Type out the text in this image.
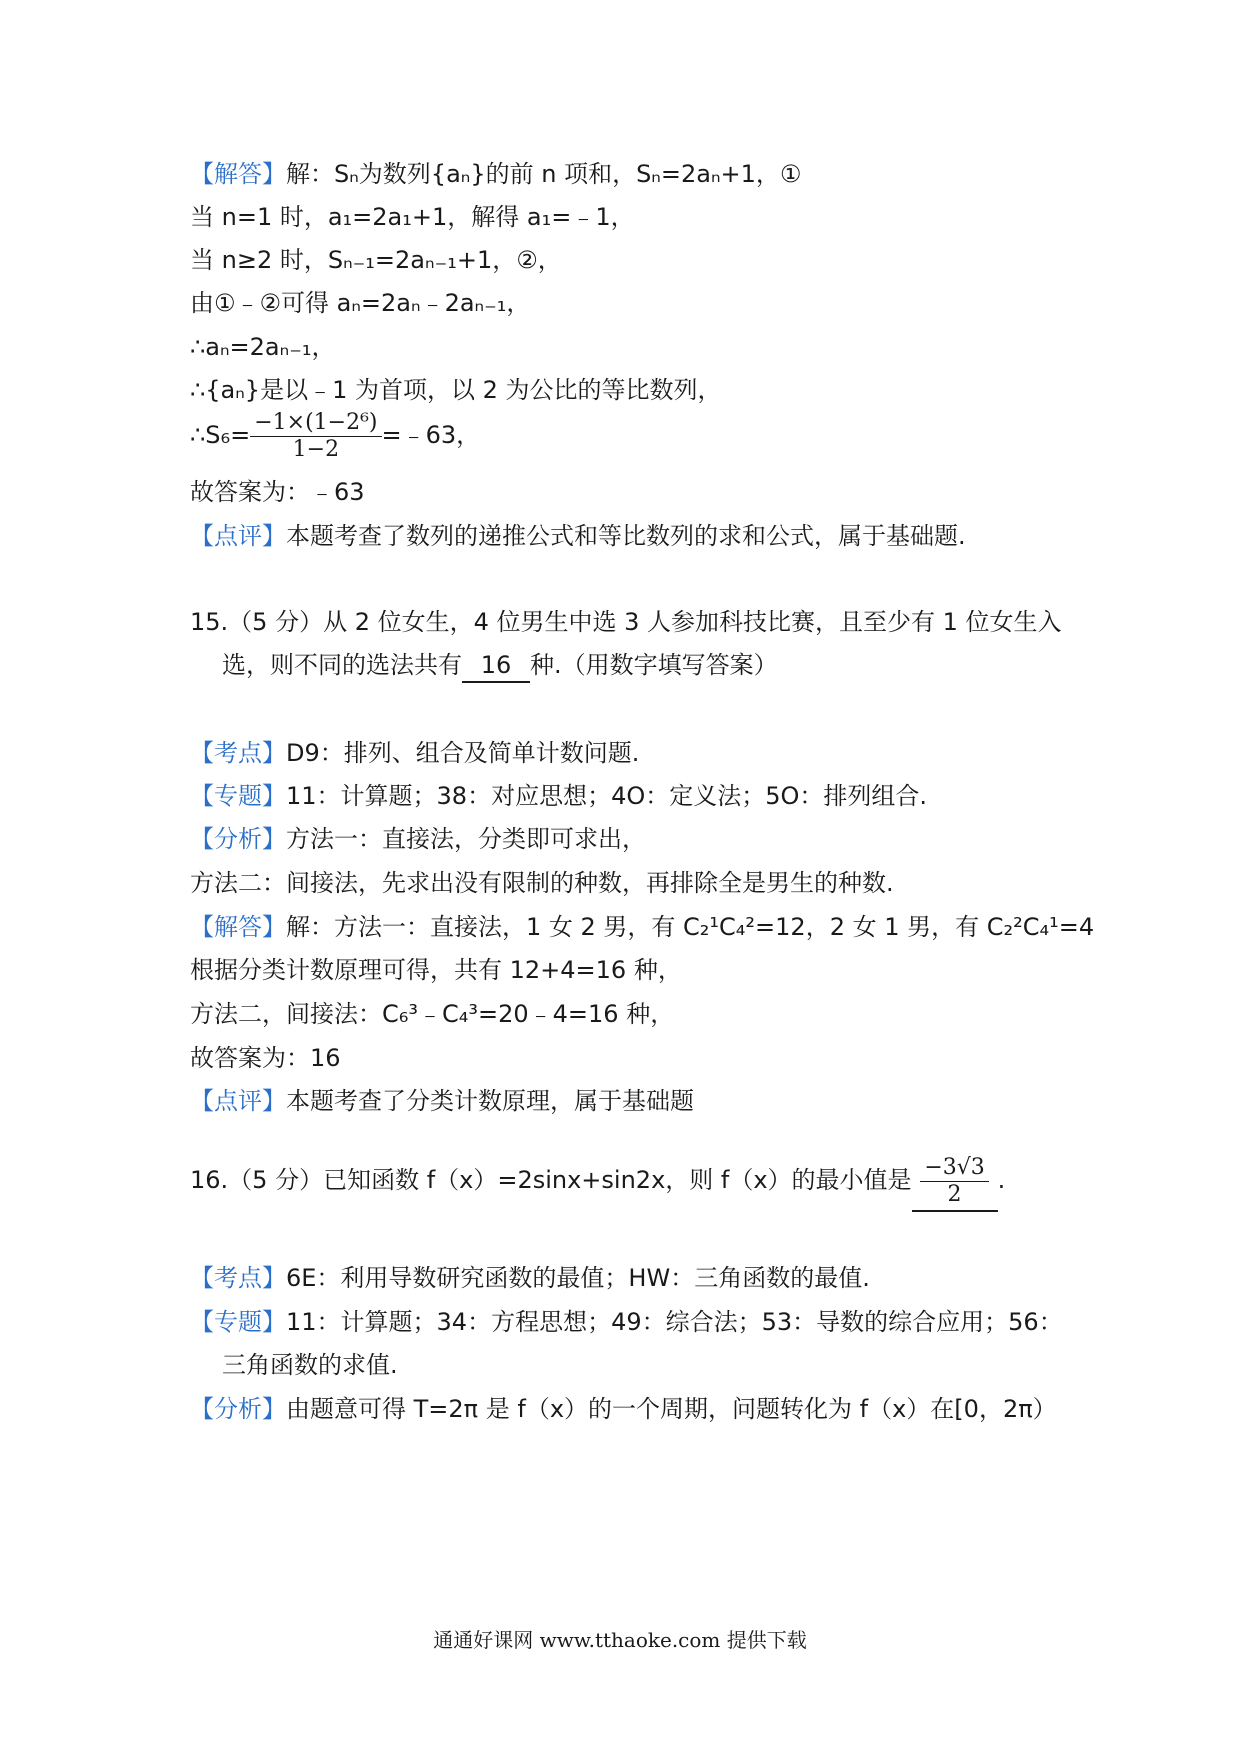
【解答】解：Sₙ为数列{aₙ}的前 n 项和，Sₙ=2aₙ+1，①
当 n=1 时，a₁=2a₁+1，解得 a₁=﹣1，
当 n≥2 时，Sₙ₋₁=2aₙ₋₁+1，②，
由①﹣②可得 aₙ=2aₙ﹣2aₙ₋₁，
∴aₙ=2aₙ₋₁，
∴{aₙ}是以﹣1 为首项，以 2 为公比的等比数列，
∴S₆= $\frac{\text{−1×(1−2⁶)}}{1-2}$ =﹣63，
故答案为：﹣63
【点评】本题考查了数列的递推公式和等比数列的求和公式，属于基础题.
15.（5 分）从 2 位女生，4 位男生中选 3 人参加科技比赛，且至少有 1 位女生入
选，则不同的选法共有 16 种.（用数字填写答案）
【考点】D9：排列、组合及简单计数问题.
【专题】11：计算题；38：对应思想；4O：定义法；5O：排列组合.
【分析】方法一：直接法，分类即可求出，
方法二：间接法，先求出没有限制的种数，再排除全是男生的种数.
【解答】解：方法一：直接法，1 女 2 男，有 C₂¹C₄²=12，2 女 1 男，有 C₂²C₄¹=4
根据分类计数原理可得，共有 12+4=16 种，
方法二，间接法：C₆³﹣C₄³=20﹣4=16 种，
故答案为：16
【点评】本题考查了分类计数原理，属于基础题
16.（5 分）已知函数 f（x）=2sinx+sin2x，则 f（x）的最小值是 $\frac{-3√3}{2}$ .
【考点】6E：利用导数研究函数的最值；HW：三角函数的最值.
【专题】11：计算题；34：方程思想；49：综合法；53：导数的综合应用；56：
三角函数的求值.
【分析】由题意可得 T=2π 是 f（x）的一个周期，问题转化为 f（x）在[0，2π）
通通好课网 www.tthaoke.com 提供下载
